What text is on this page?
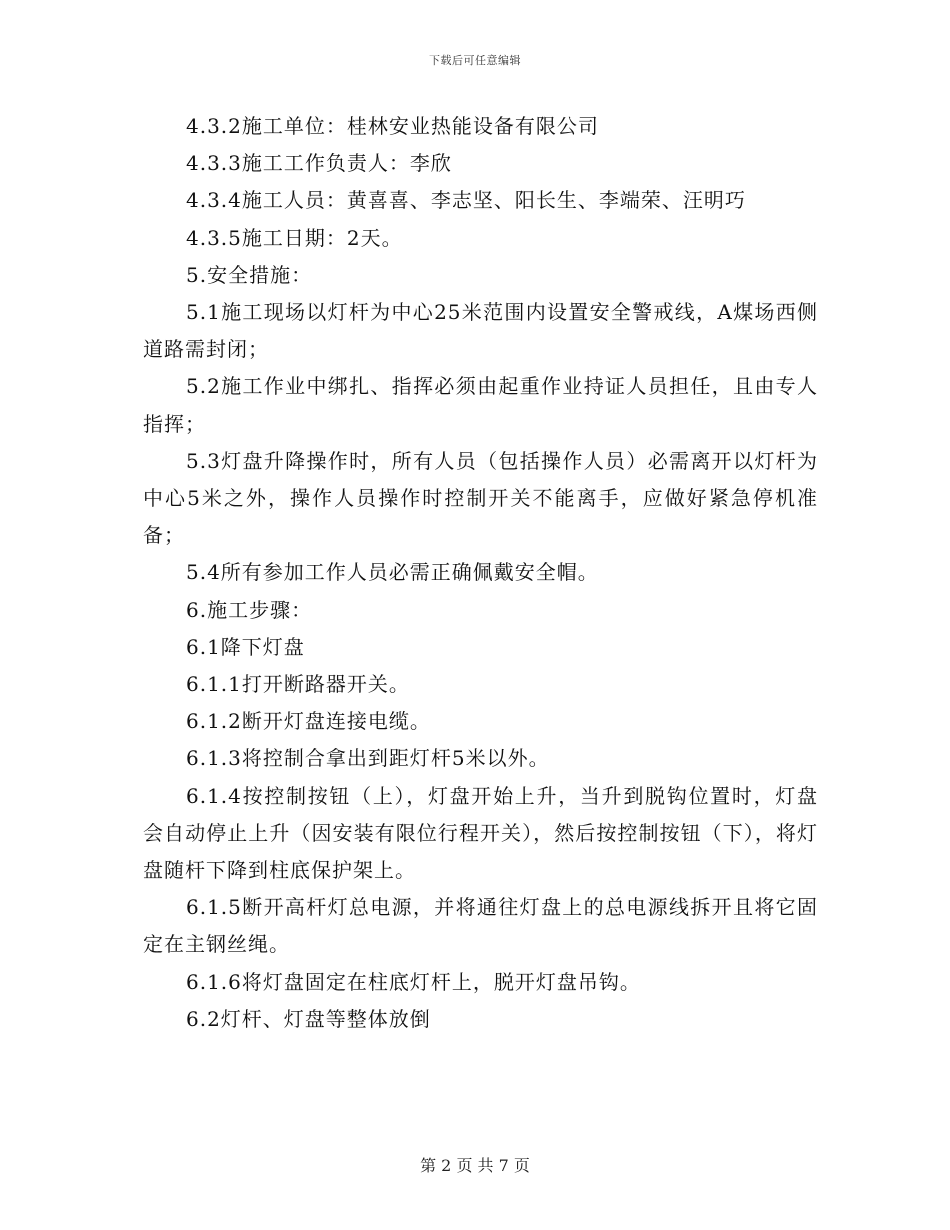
下载后可任意编辑

4.3.2施工单位：桂林安业热能设备有限公司

4.3.3施工工作负责人：李欣

4.3.4施工人员：黄喜喜、李志坚、阳长生、李端荣、汪明巧

4.3.5施工日期：2天。

5.安全措施：

5.1施工现场以灯杆为中心25米范围内设置安全警戒线，A煤场西侧道路需封闭；

5.2施工作业中绑扎、指挥必须由起重作业持证人员担任，且由专人指挥；

5.3灯盘升降操作时，所有人员（包括操作人员）必需离开以灯杆为中心5米之外，操作人员操作时控制开关不能离手，应做好紧急停机准备；

5.4所有参加工作人员必需正确佩戴安全帽。

6.施工步骤：

6.1降下灯盘

6.1.1打开断路器开关。

6.1.2断开灯盘连接电缆。

6.1.3将控制合拿出到距灯杆5米以外。

6.1.4按控制按钮（上），灯盘开始上升，当升到脱钩位置时，灯盘会自动停止上升（因安装有限位行程开关），然后按控制按钮（下），将灯盘随杆下降到柱底保护架上。

6.1.5断开高杆灯总电源，并将通往灯盘上的总电源线拆开且将它固定在主钢丝绳。

6.1.6将灯盘固定在柱底灯杆上，脱开灯盘吊钩。

6.2灯杆、灯盘等整体放倒

第 2 页 共 7 页
